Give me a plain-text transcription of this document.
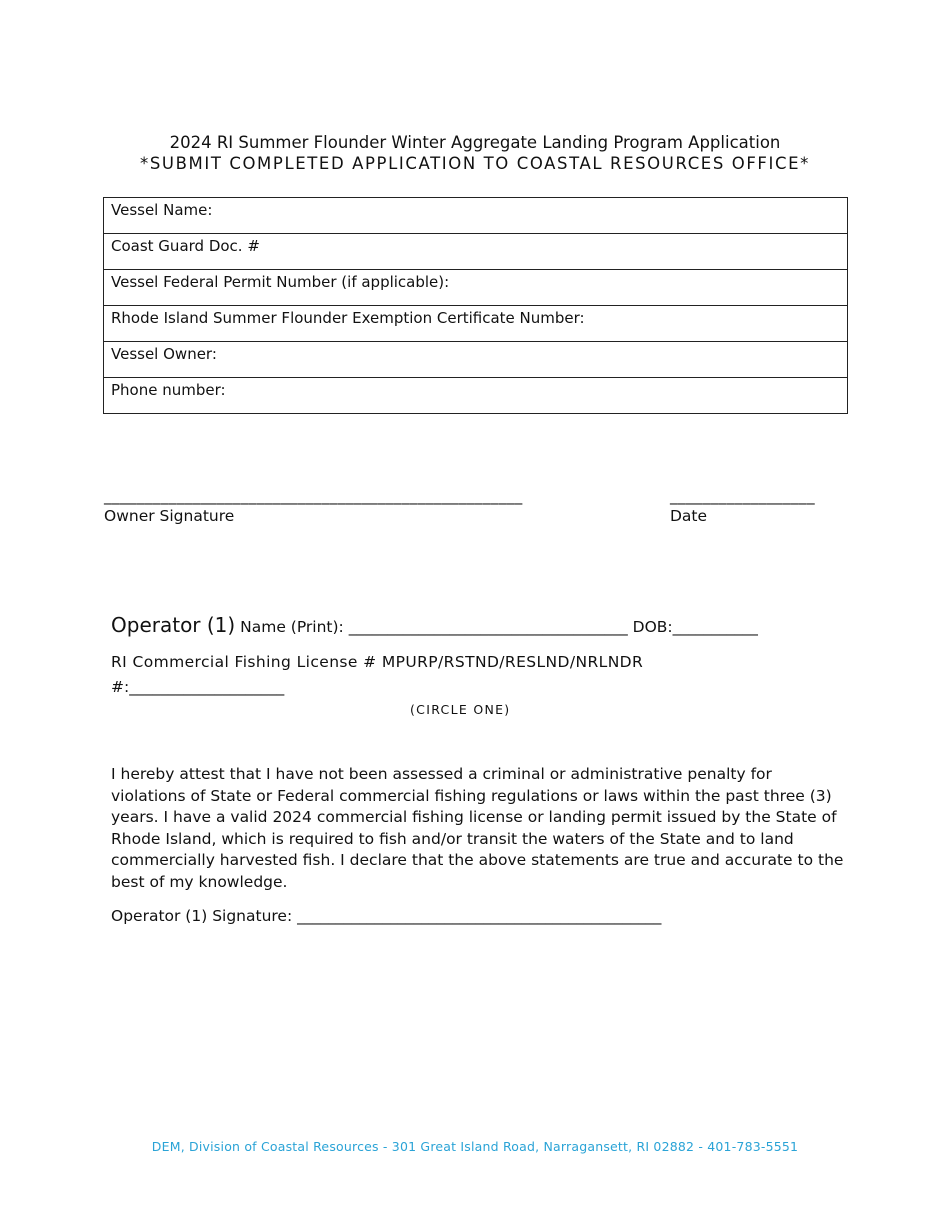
2024 RI Summer Flounder Winter Aggregate Landing Program Application
*SUBMIT COMPLETED APPLICATION TO COASTAL RESOURCES OFFICE*
Vessel Name:

Coast Guard Doc. #

Vessel Federal Permit Number (if applicable):

Rhode Island Summer Flounder Exemption Certificate Number:

Vessel Owner:

Phone number:
____________________________________________________	__________________
Owner Signature	Date
Operator (1) Name (Print): ____________________________________ DOB:___________
RI Commercial Fishing License # MPURP/RSTND/RESLND/NRLNDR
#:____________________
(CIRCLE ONE)
I hereby attest that I have not been assessed a criminal or administrative penalty for violations of State or Federal commercial fishing regulations or laws within the past three (3) years. I have a valid 2024 commercial fishing license or landing permit issued by the State of Rhode Island, which is required to fish and/or transit the waters of the State and to land commercially harvested fish. I declare that the above statements are true and accurate to the best of my knowledge.
Operator (1) Signature: _______________________________________________
DEM, Division of Coastal Resources - 301 Great Island Road, Narragansett, RI 02882 - 401-783-5551
